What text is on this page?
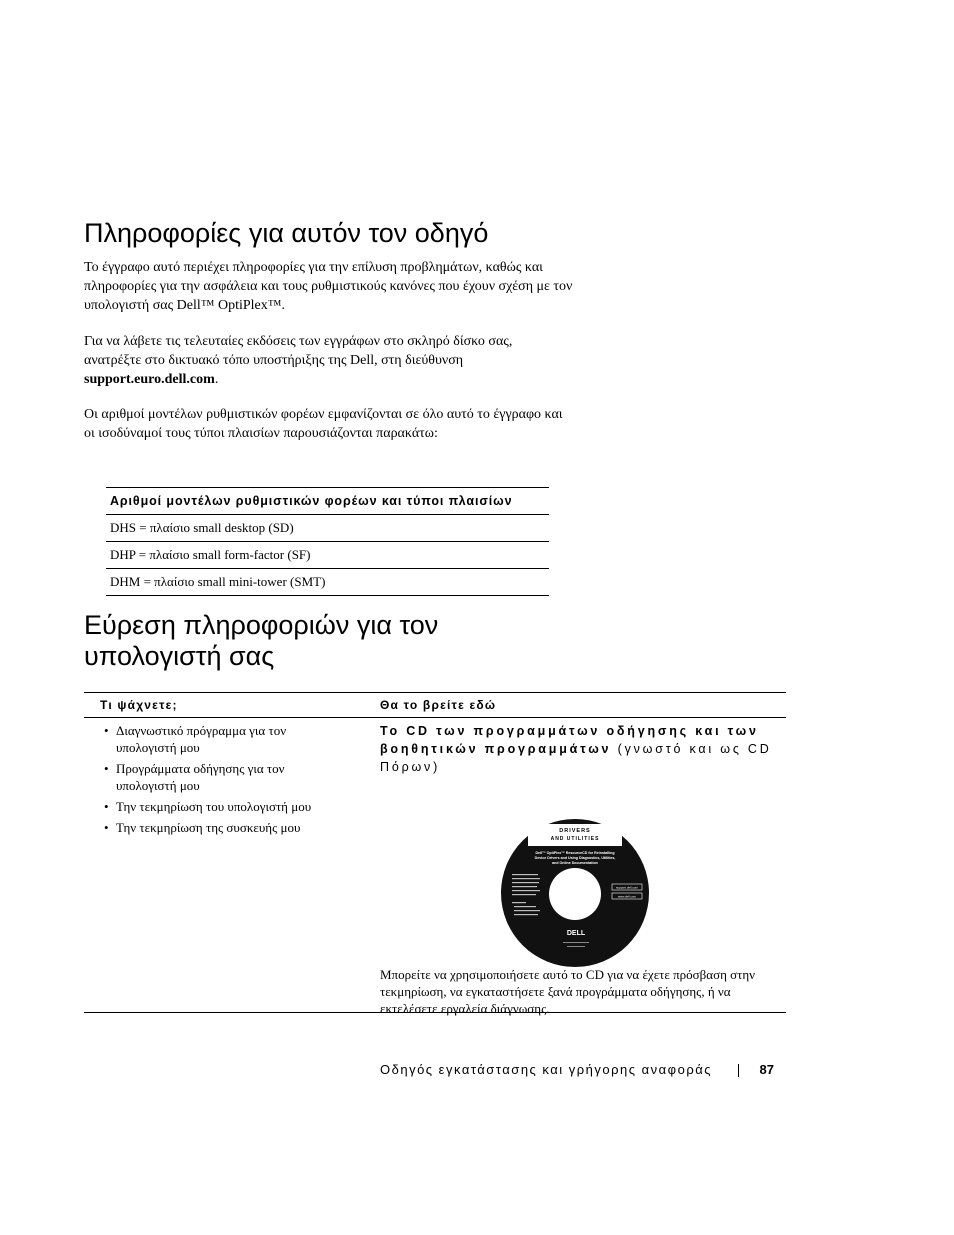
Πληροφορίες για αυτόν τον οδηγό

Το έγγραφο αυτό περιέχει πληροφορίες για την επίλυση προβλημάτων, καθώς και πληροφορίες για την ασφάλεια και τους ρυθμιστικούς κανόνες που έχουν σχέση με τον υπολογιστή σας Dell™ OptiPlex™.

Για να λάβετε τις τελευταίες εκδόσεις των εγγράφων στο σκληρό δίσκο σας, ανατρέξτε στο δικτυακό τόπο υποστήριξης της Dell, στη διεύθυνση support.euro.dell.com.

Οι αριθμοί μοντέλων ρυθμιστικών φορέων εμφανίζονται σε όλο αυτό το έγγραφο και οι ισοδύναμοί τους τύποι πλαισίων παρουσιάζονται παρακάτω:

Αριθμοί μοντέλων ρυθμιστικών φορέων και τύποι πλαισίων
DHS = πλαίσιο small desktop (SD)
DHP = πλαίσιο small form-factor (SF)
DHM = πλαίσιο small mini-tower (SMT)
Εύρεση πληροφοριών για τον
υπολογιστή σας
Τι ψάχνετε;	Θα το βρείτε εδώ
• Διαγνωστικό πρόγραμμα για τον υπολογιστή μου
• Προγράμματα οδήγησης για τον υπολογιστή μου
• Την τεκμηρίωση του υπολογιστή μου
• Την τεκμηρίωση της συσκευής μου

Το CD των προγραμμάτων οδήγησης και των βοηθητικών προγραμμάτων (γνωστό και ως CD Πόρων)

DRIVERS
AND UTILITIES
Dell™ OptiPlex™ ResourceCD for Reinstalling
Device Drivers and Using Diagnostics, Utilities,
and Online Documentation
support.dell.com
www.dell.com
DELL

Μπορείτε να χρησιμοποιήσετε αυτό το CD για να έχετε πρόσβαση στην τεκμηρίωση, να εγκαταστήσετε ξανά προγράμματα οδήγησης, ή να εκτελέσετε εργαλεία διάγνωσης.

Οδηγός εγκατάστασης και γρήγορης αναφοράς	87
